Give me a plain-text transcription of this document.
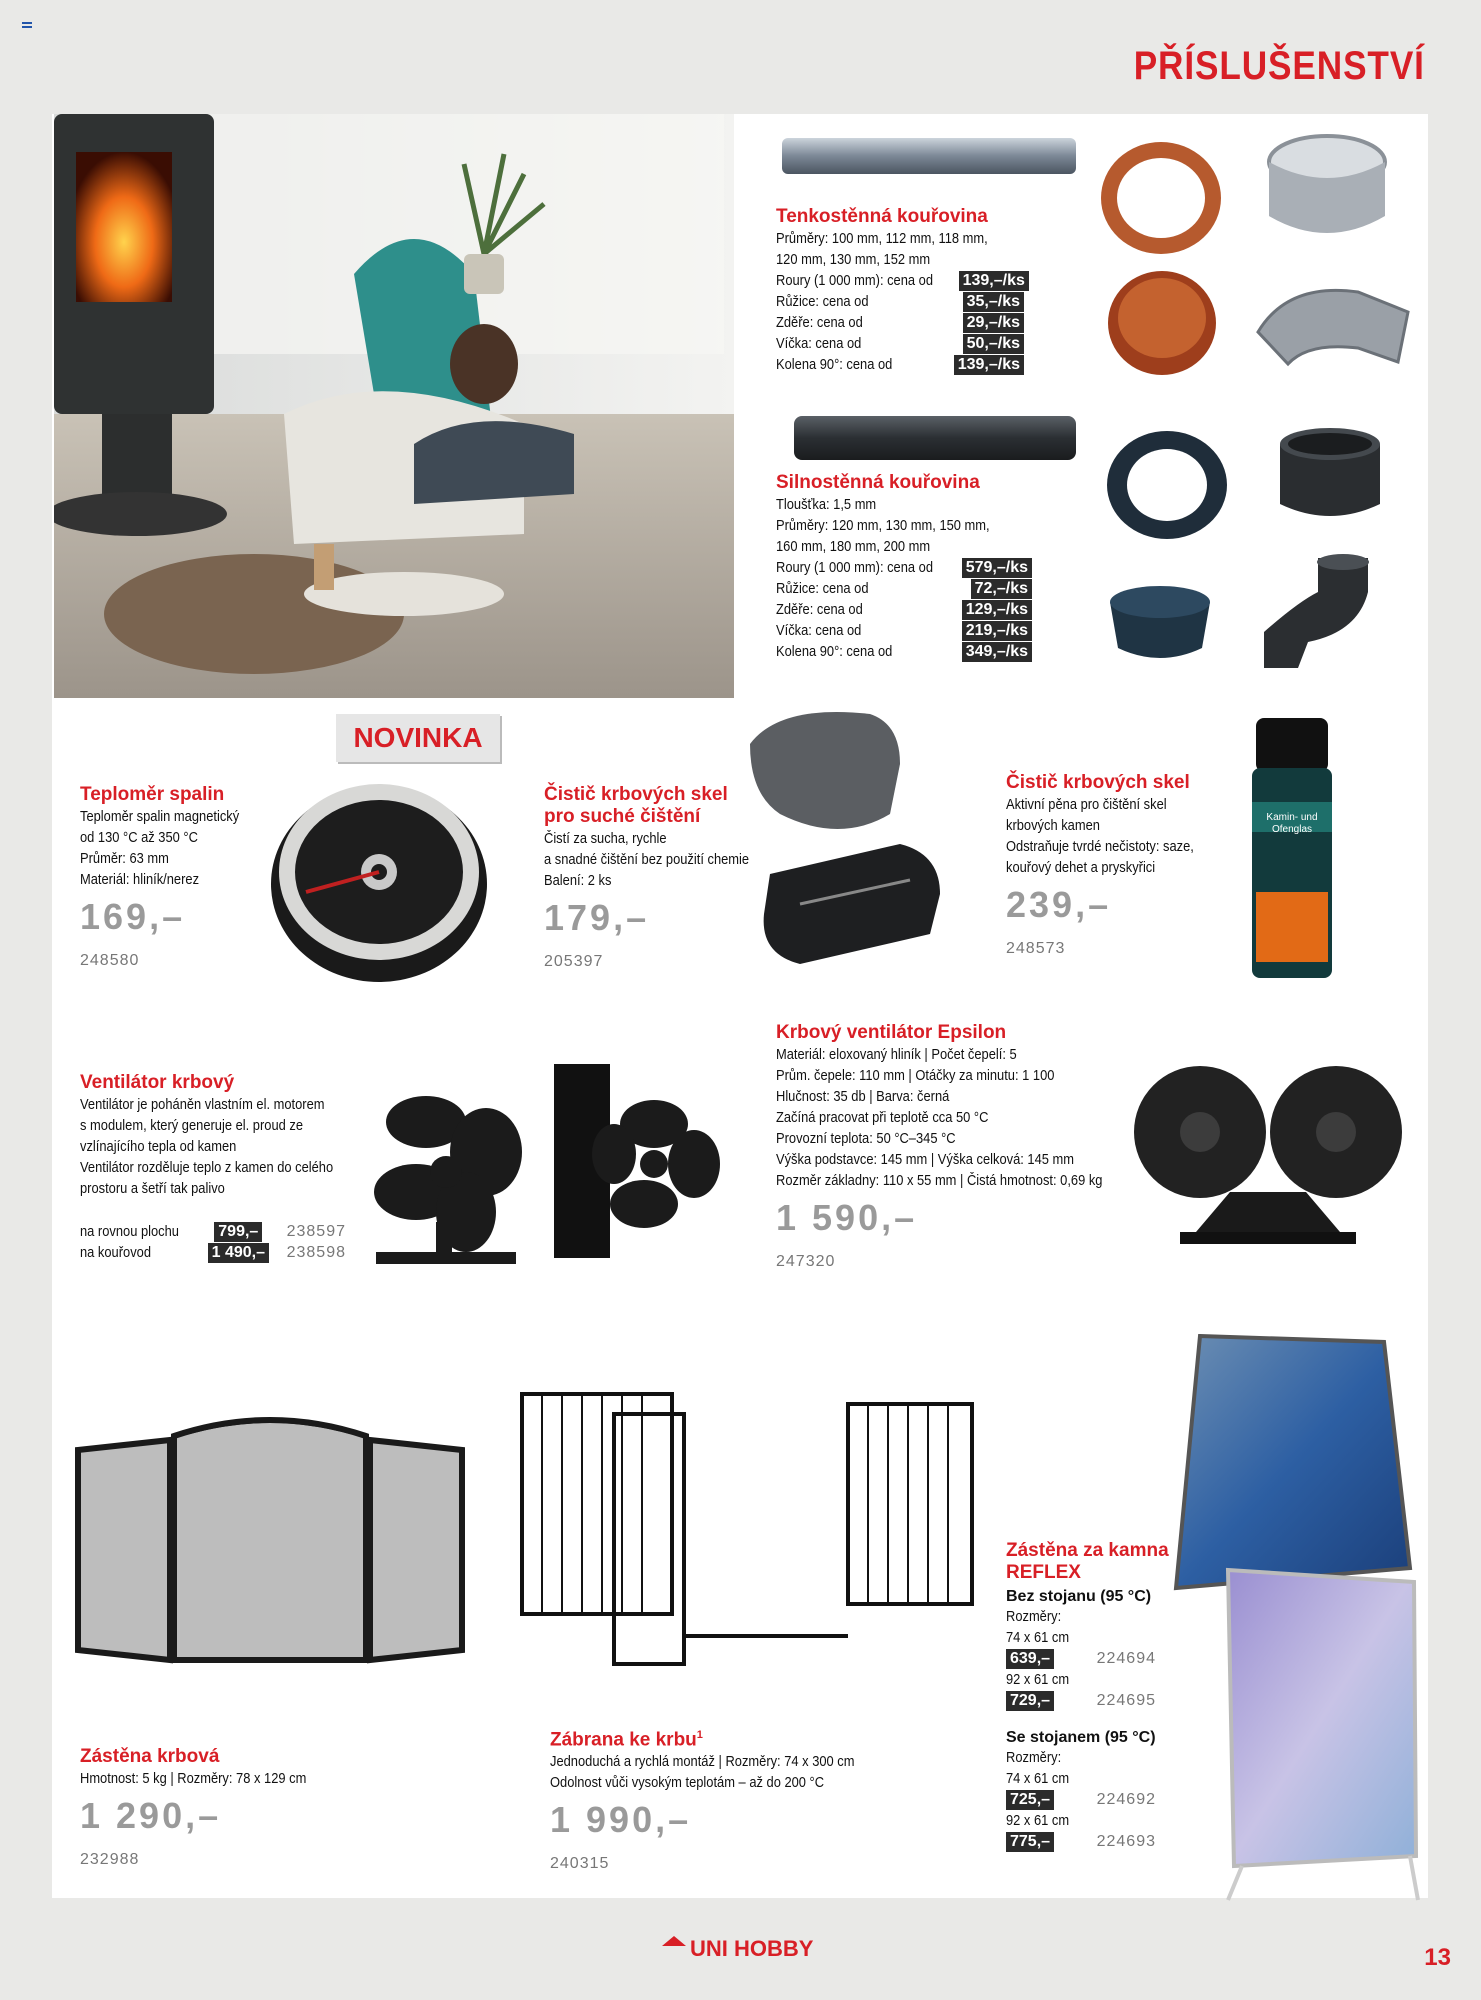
PŘÍSLUŠENSTVÍ
Tenkostěnná kouřovina
Průměry: 100 mm, 112 mm, 118 mm,
120 mm, 130 mm, 152 mm
Roury (1 000 mm): cena od 139,–/ks
Růžice: cena od	35,–/ks
Zděře: cena od	29,–/ks
Víčka: cena od	50,–/ks
Kolena 90°: cena od	139,–/ks
Silnostěnná kouřovina
Tloušťka: 1,5 mm
Průměry: 120 mm, 130 mm, 150 mm,
160 mm, 180 mm, 200 mm
Roury (1 000 mm): cena od 579,–/ks
Růžice: cena od	72,–/ks
Zděře: cena od	129,–/ks
Víčka: cena od	219,–/ks
Kolena 90°: cena od	349,–/ks
NOVINKA
Teploměr spalin
Teploměr spalin magnetický
od 130 °C až 350 °C
Průměr: 63 mm
Materiál: hliník/nerez
169,–
248580
Čistič krbových skel
pro suché čištění
Čistí za sucha, rychle
a snadné čištění bez použití chemie
Balení: 2 ks
179,–
205397
Čistič krbových skel
Aktivní pěna pro čištění skel
krbových kamen
Odstraňuje tvrdé nečistoty: saze,
kouřový dehet a pryskyřici
239,–
248573
Kamin- und Ofenglas
Ventilátor krbový
Ventilátor je poháněn vlastním el. motorem
s modulem, který generuje el. proud ze
vzlínajícího tepla od kamen
Ventilátor rozděluje teplo z kamen do celého
prostoru a šetří tak palivo
na rovnou plochu 799,– 238597
na kouřovod	1 490,– 238598
Krbový ventilátor Epsilon
Materiál: eloxovaný hliník | Počet čepelí: 5
Prům. čepele: 110 mm | Otáčky za minutu: 1 100
Hlučnost: 35 db | Barva: černá
Začíná pracovat při teplotě cca 50 °C
Provozní teplota: 50 °C–345 °C
Výška podstavce: 145 mm | Výška celková: 145 mm
Rozměr základny: 110 x 55 mm | Čistá hmotnost: 0,69 kg
1 590,–
247320
Zástěna krbová
Hmotnost: 5 kg | Rozměry: 78 x 129 cm
1 290,–
232988
Zábrana ke krbu$^1$
Jednoduchá a rychlá montáž | Rozměry: 74 x 300 cm
Odolnost vůči vysokým teplotám – až do 200 °C
1 990,–
240315
Zástěna za kamna
REFLEX
Bez stojanu (95 °C)
Rozměry:
74 x 61 cm
639,–	224694
92 x 61 cm
729,–	224695
Se stojanem (95 °C)
Rozměry:
74 x 61 cm
725,–	224692
92 x 61 cm
775,–	224693
UNI HOBBY	13
